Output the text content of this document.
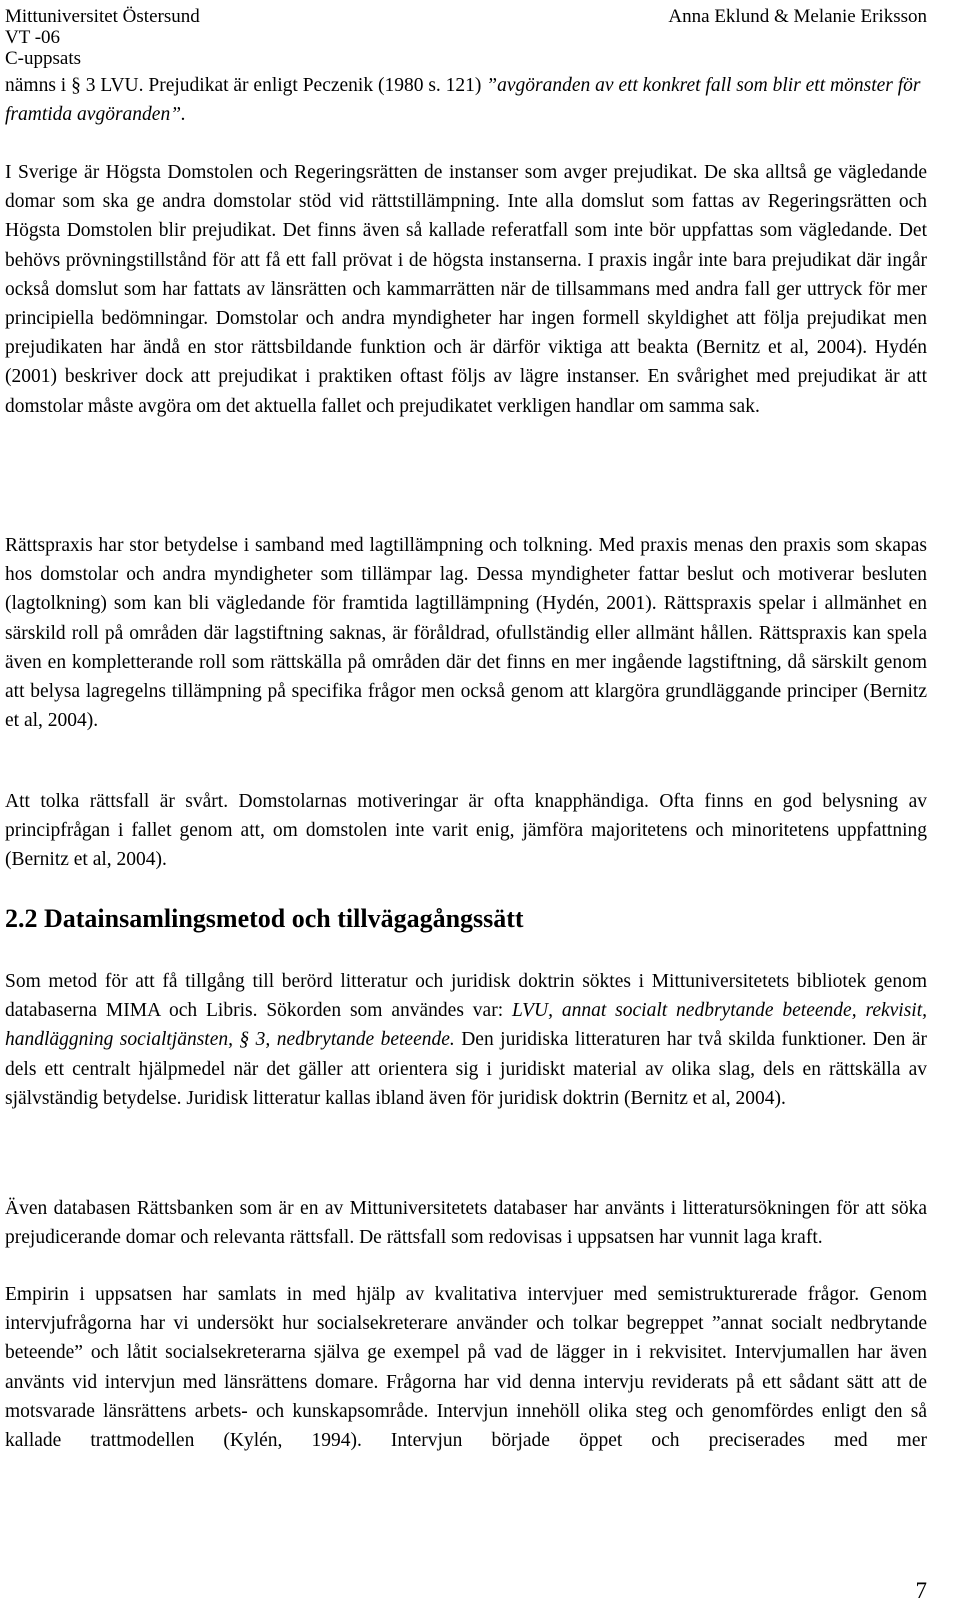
Mittuniversitet Östersund
VT -06
C-uppsats
Anna Eklund & Melanie Eriksson

nämns i § 3 LVU. Prejudikat är enligt Peczenik (1980 s. 121) ”avgöranden av ett konkret fall som blir ett mönster för framtida avgöranden”.

I Sverige är Högsta Domstolen och Regeringsrätten de instanser som avger prejudikat. De ska alltså ge vägledande domar som ska ge andra domstolar stöd vid rättstillämpning. Inte alla domslut som fattas av Regeringsrätten och Högsta Domstolen blir prejudikat. Det finns även så kallade referatfall som inte bör uppfattas som vägledande. Det behövs prövningstillstånd för att få ett fall prövat i de högsta instanserna. I praxis ingår inte bara prejudikat där ingår också domslut som har fattats av länsrätten och kammarrätten när de tillsammans med andra fall ger uttryck för mer principiella bedömningar. Domstolar och andra myndigheter har ingen formell skyldighet att följa prejudikat men prejudikaten har ändå en stor rättsbildande funktion och är därför viktiga att beakta (Bernitz et al, 2004). Hydén (2001) beskriver dock att prejudikat i praktiken oftast följs av lägre instanser. En svårighet med prejudikat är att domstolar måste avgöra om det aktuella fallet och prejudikatet verkligen handlar om samma sak.

Rättspraxis har stor betydelse i samband med lagtillämpning och tolkning. Med praxis menas den praxis som skapas hos domstolar och andra myndigheter som tillämpar lag. Dessa myndigheter fattar beslut och motiverar besluten (lagtolkning) som kan bli vägledande för framtida lagtillämpning (Hydén, 2001). Rättspraxis spelar i allmänhet en särskild roll på områden där lagstiftning saknas, är föråldrad, ofullständig eller allmänt hållen. Rättspraxis kan spela även en kompletterande roll som rättskälla på områden där det finns en mer ingående lagstiftning, då särskilt genom att belysa lagregelns tillämpning på specifika frågor men också genom att klargöra grundläggande principer (Bernitz et al, 2004).

Att tolka rättsfall är svårt. Domstolarnas motiveringar är ofta knapphändiga. Ofta finns en god belysning av principfrågan i fallet genom att, om domstolen inte varit enig, jämföra majoritetens och minoritetens uppfattning (Bernitz et al, 2004).

2.2 Datainsamlingsmetod och tillvägagångssätt

Som metod för att få tillgång till berörd litteratur och juridisk doktrin söktes i Mittuniversitetets bibliotek genom databaserna MIMA och Libris. Sökorden som användes var: LVU, annat socialt nedbrytande beteende, rekvisit, handläggning socialtjänsten, § 3, nedbrytande beteende. Den juridiska litteraturen har två skilda funktioner. Den är dels ett centralt hjälpmedel när det gäller att orientera sig i juridiskt material av olika slag, dels en rättskälla av självständig betydelse. Juridisk litteratur kallas ibland även för juridisk doktrin (Bernitz et al, 2004).

Även databasen Rättsbanken som är en av Mittuniversitetets databaser har använts i litteratursökningen för att söka prejudicerande domar och relevanta rättsfall. De rättsfall som redovisas i uppsatsen har vunnit laga kraft.

Empirin i uppsatsen har samlats in med hjälp av kvalitativa intervjuer med semistrukturerade frågor. Genom intervjufrågorna har vi undersökt hur socialsekreterare använder och tolkar begreppet ”annat socialt nedbrytande beteende” och låtit socialsekreterarna själva ge exempel på vad de lägger in i rekvisitet. Intervjumallen har även använts vid intervjun med länsrättens domare. Frågorna har vid denna intervju reviderats på ett sådant sätt att de motsvarade länsrättens arbets- och kunskapsområde. Intervjun innehöll olika steg och genomfördes enligt den så kallade trattmodellen (Kylén, 1994). Intervjun började öppet och preciserades med mer

7
